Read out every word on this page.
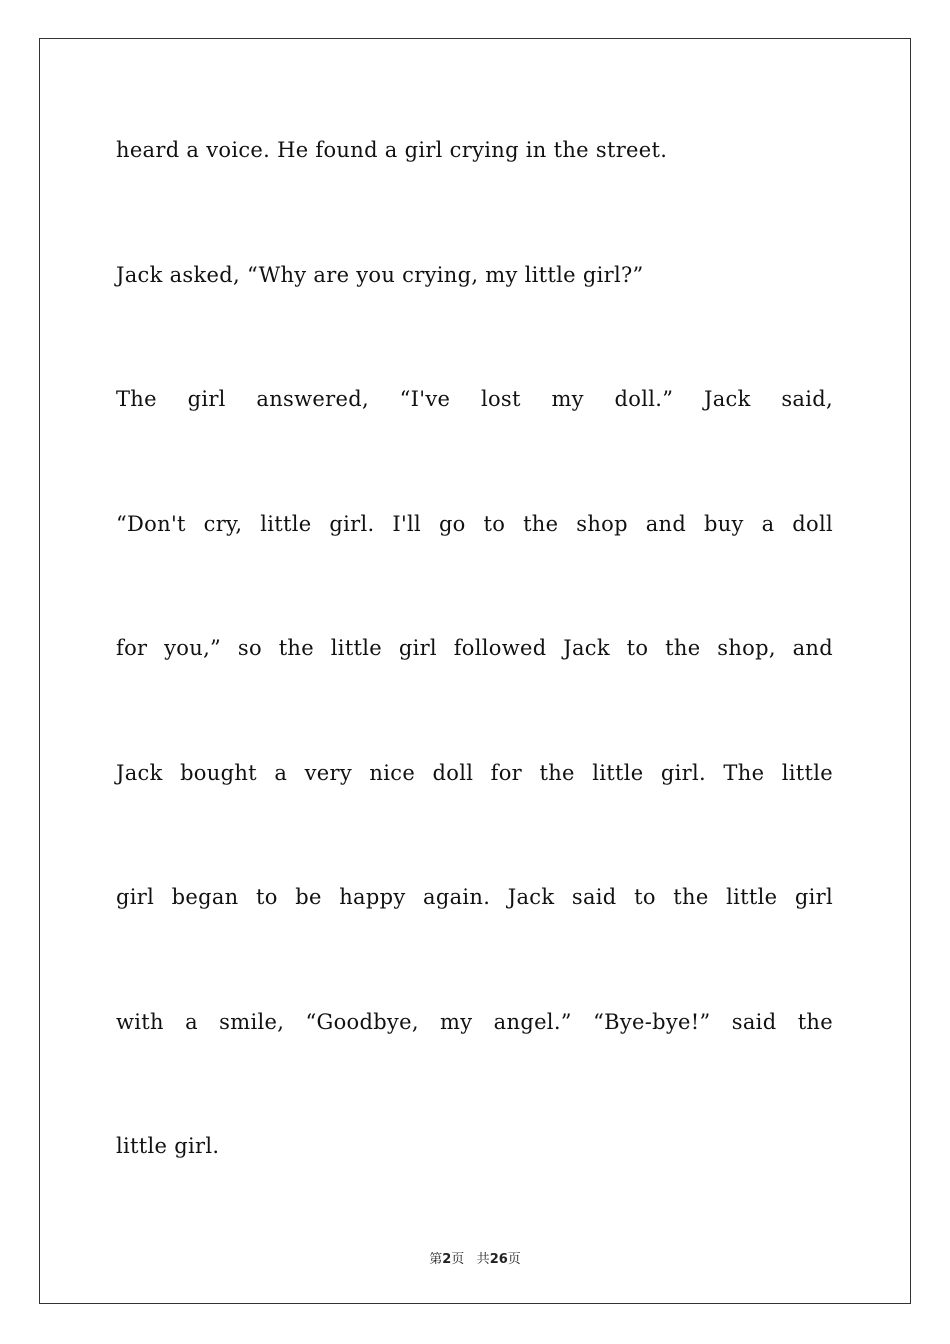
heard a voice. He found a girl crying in the street.
Jack asked, “Why are you crying, my little girl?”
The girl answered, “I've lost my doll.” Jack said,
“Don't cry, little girl. I'll go to the shop and buy a doll
for you,” so the little girl followed Jack to the shop, and
Jack bought a very nice doll for the little girl. The little
girl began to be happy again. Jack said to the little girl
with a smile, “Goodbye, my angel.” “Bye-bye!” said the
little girl.
第2页 共26页
